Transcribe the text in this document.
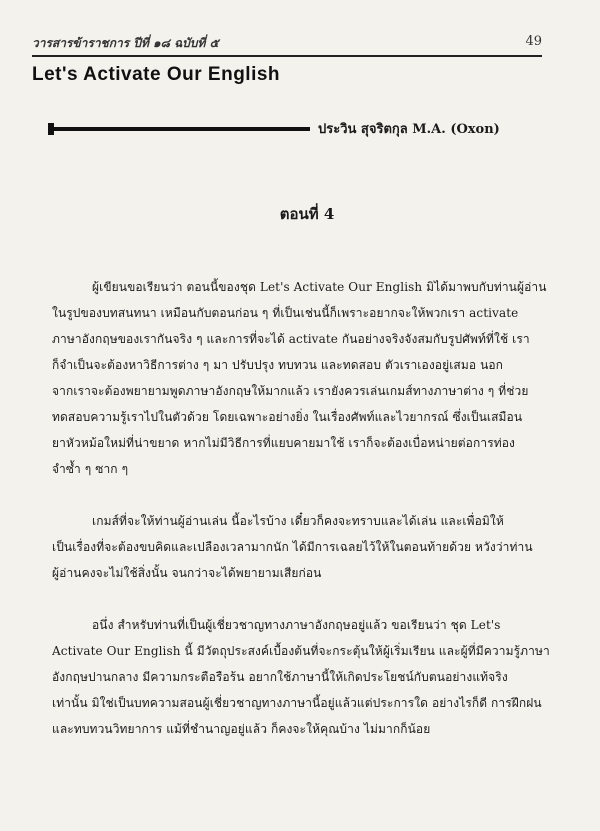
วารสารข้าราชการ ปีที่ ๑๘ ฉบับที่ ๕	49
Let's Activate Our English
ประวิน สุจริตกุล M.A. (Oxon)
ตอนที่ 4
ผู้เขียนขอเรียนว่า ตอนนี้ของชุด Let's Activate Our English มิได้มาพบกับท่านผู้อ่าน
ในรูปของบทสนทนา เหมือนกับตอนก่อน ๆ ที่เป็นเช่นนี้ก็เพราะอยากจะให้พวกเรา activate
ภาษาอังกฤษของเรากันจริง ๆ และการที่จะได้ activate กันอย่างจริงจังสมกับรูปศัพท์ที่ใช้ เรา
ก็จำเป็นจะต้องหาวิธีการต่าง ๆ มา ปรับปรุง ทบทวน และทดสอบ ตัวเราเองอยู่เสมอ นอก
จากเราจะต้องพยายามพูดภาษาอังกฤษให้มากแล้ว เรายังควรเล่นเกมส์ทางภาษาต่าง ๆ ที่ช่วย
ทดสอบความรู้เราไปในตัวด้วย โดยเฉพาะอย่างยิ่ง ในเรื่องศัพท์และไวยากรณ์ ซึ่งเป็นเสมือน
ยาหัวหม้อใหม่ที่น่าขยาด หากไม่มีวิธีการที่แยบคายมาใช้ เราก็จะต้องเบื่อหน่ายต่อการท่อง
จำซ้ำ ๆ ซาก ๆ
เกมส์ที่จะให้ท่านผู้อ่านเล่น นี้อะไรบ้าง เดี๋ยวก็คงจะทราบและได้เล่น และเพื่อมิให้
เป็นเรื่องที่จะต้องขบคิดและเปลืองเวลามากนัก ได้มีการเฉลยไว้ให้ในตอนท้ายด้วย หวังว่าท่าน
ผู้อ่านคงจะไม่ใช้สิ่งนั้น จนกว่าจะได้พยายามเสียก่อน
อนึ่ง สำหรับท่านที่เป็นผู้เชี่ยวชาญทางภาษาอังกฤษอยู่แล้ว ขอเรียนว่า ชุด Let's
Activate Our English นี้ มีวัตถุประสงค์เบื้องต้นที่จะกระตุ้นให้ผู้เริ่มเรียน และผู้ที่มีความรู้ภาษา
อังกฤษปานกลาง มีความกระตือรือร้น อยากใช้ภาษานี้ให้เกิดประโยชน์กับตนอย่างแท้จริง
เท่านั้น มิใช่เป็นบทความสอนผู้เชี่ยวชาญทางภาษานี้อยู่แล้วแต่ประการใด อย่างไรก็ดี การฝึกฝน
และทบทวนวิทยาการ แม้ที่ชำนาญอยู่แล้ว ก็คงจะให้คุณบ้าง ไม่มากก็น้อย
